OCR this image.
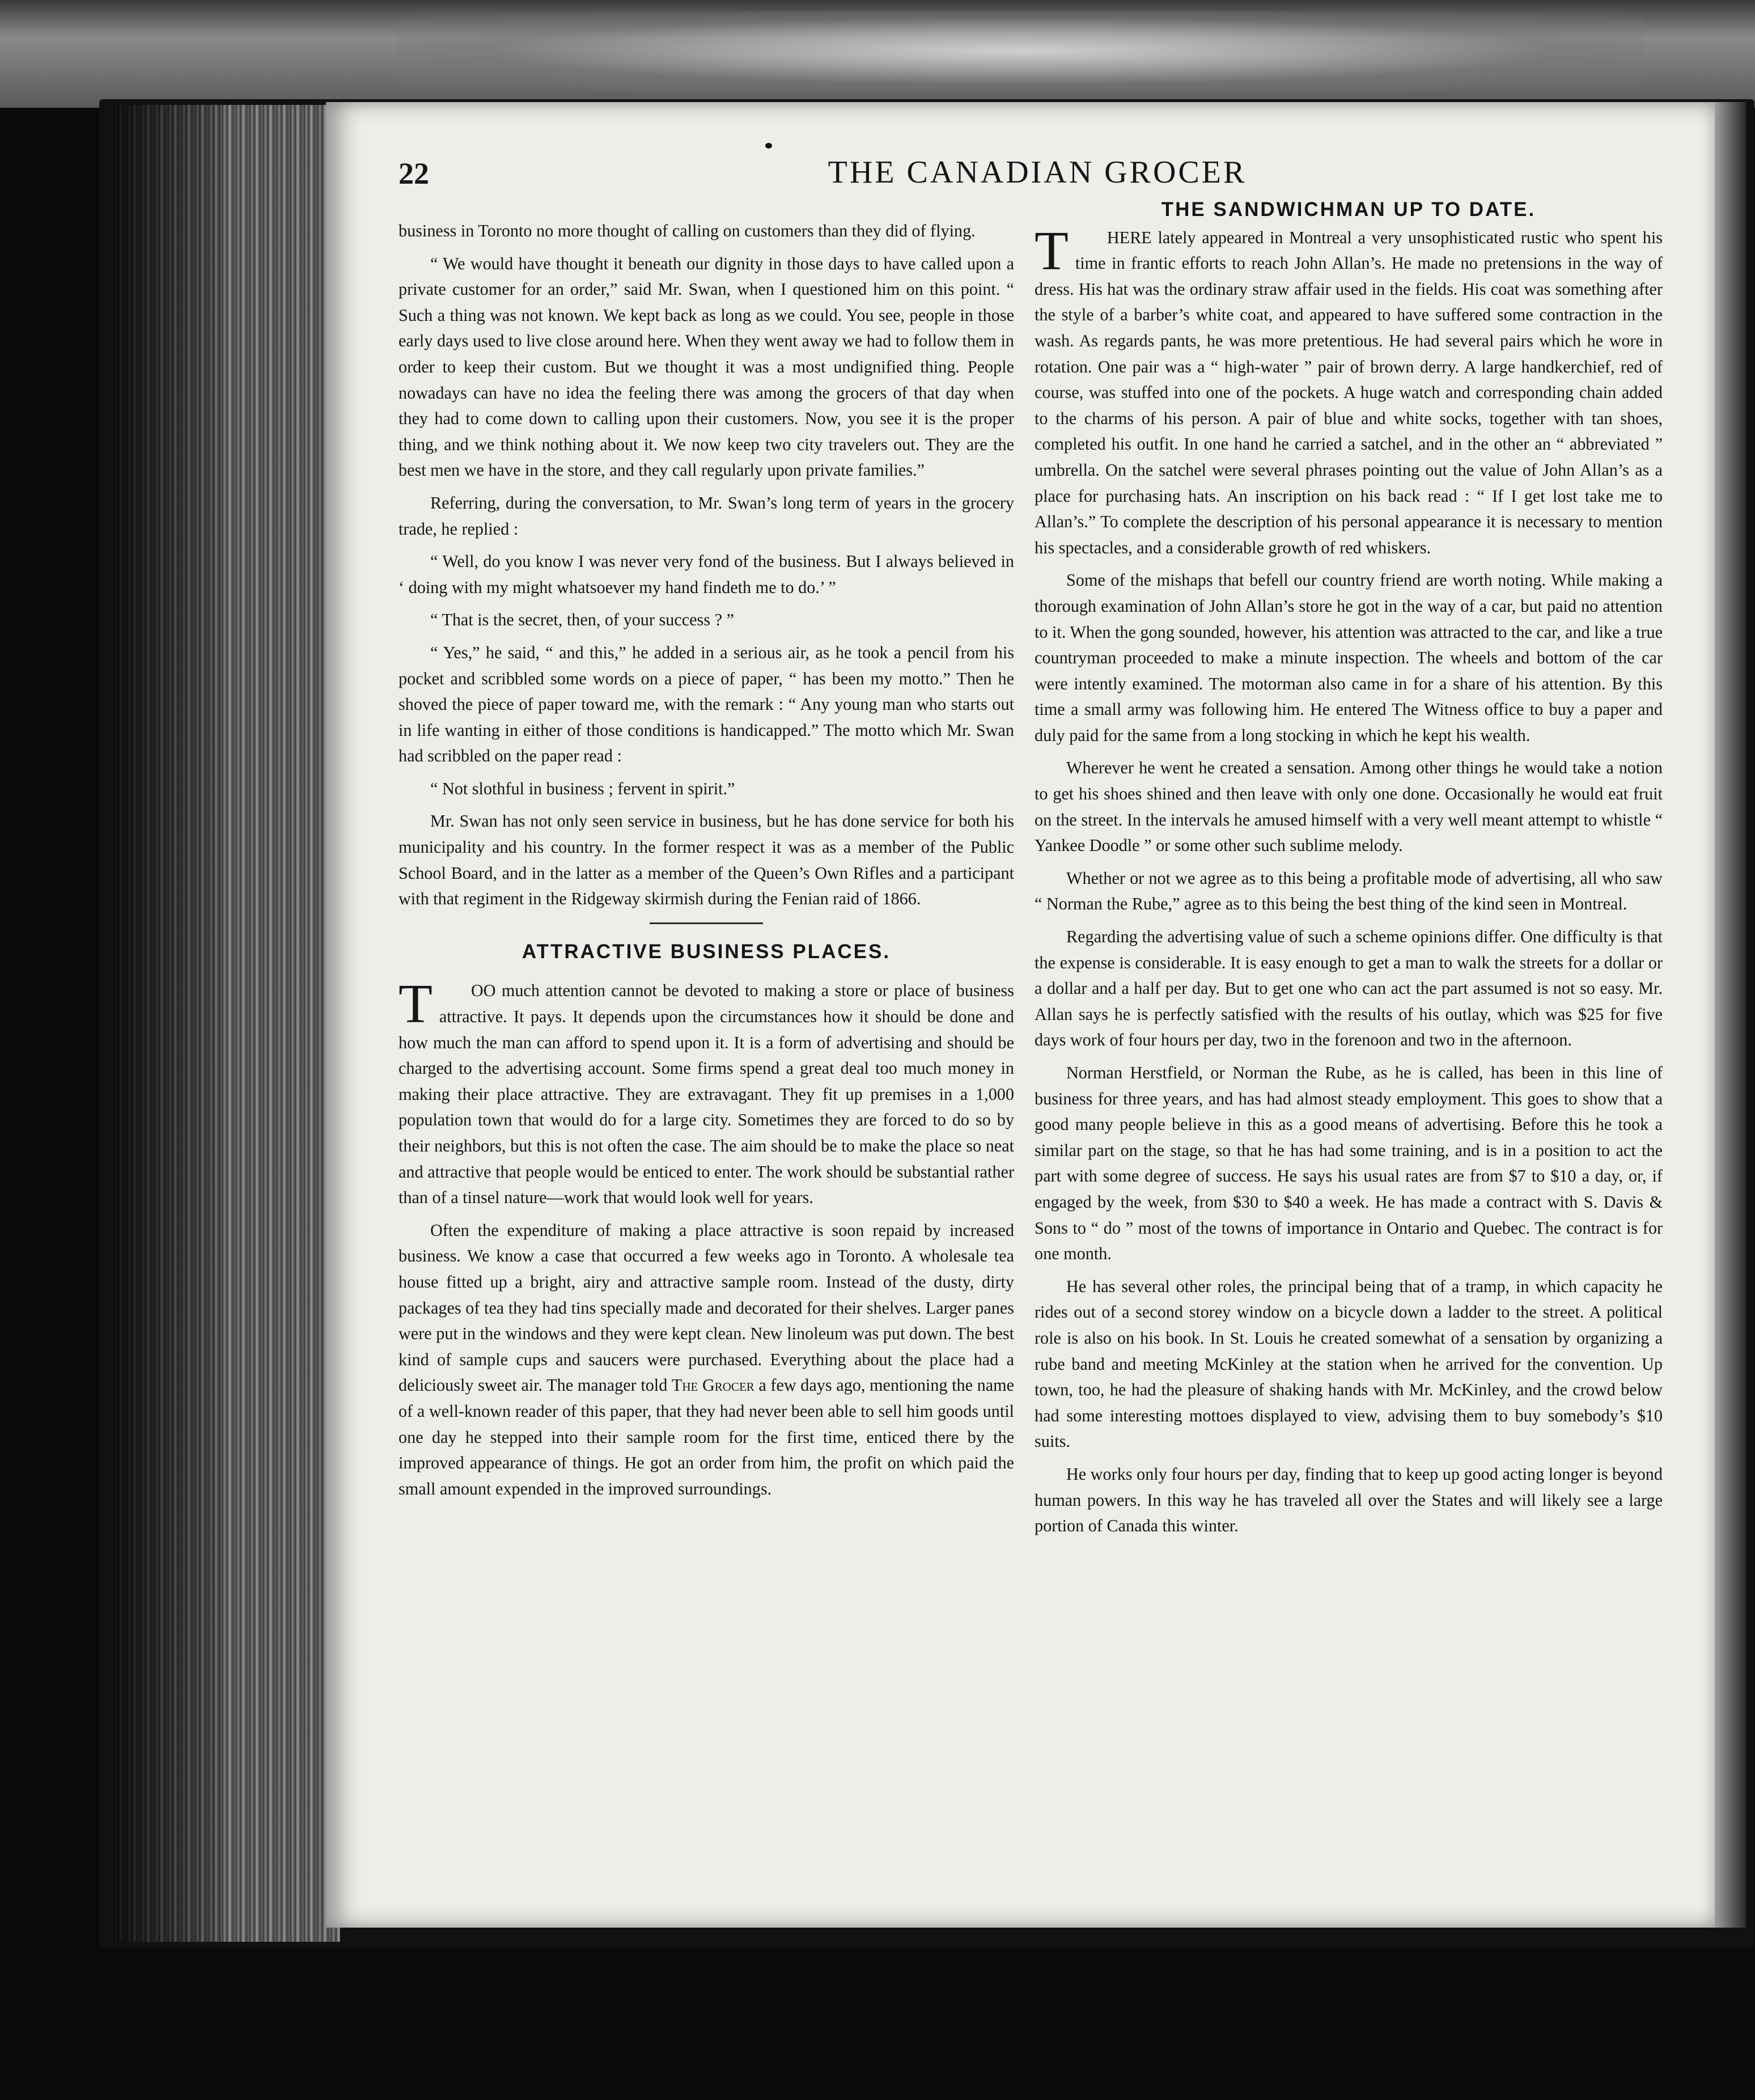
22	THE CANADIAN GROCER

business in Toronto no more thought of calling on customers than they did of flying.

“ We would have thought it beneath our dignity in those days to have called upon a private customer for an order,” said Mr. Swan, when I questioned him on this point. “ Such a thing was not known. We kept back as long as we could. You see, people in those early days used to live close around here. When they went away we had to follow them in order to keep their custom. But we thought it was a most undignified thing. People nowadays can have no idea the feeling there was among the grocers of that day when they had to come down to calling upon their customers. Now, you see it is the proper thing, and we think nothing about it. We now keep two city travelers out. They are the best men we have in the store, and they call regularly upon private families.”

Referring, during the conversation, to Mr. Swan’s long term of years in the grocery trade, he replied :

“ Well, do you know I was never very fond of the business. But I always believed in ‘ doing with my might whatsoever my hand findeth me to do.’ ”

“ That is the secret, then, of your success ? ”

“ Yes,” he said, “ and this,” he added in a serious air, as he took a pencil from his pocket and scribbled some words on a piece of paper, “ has been my motto.” Then he shoved the piece of paper toward me, with the remark : “ Any young man who starts out in life wanting in either of those conditions is handicapped.” The motto which Mr. Swan had scribbled on the paper read :

“ Not slothful in business ; fervent in spirit.”

Mr. Swan has not only seen service in business, but he has done service for both his municipality and his country. In the former respect it was as a member of the Public School Board, and in the latter as a member of the Queen’s Own Rifles and a participant with that regiment in the Ridgeway skirmish during the Fenian raid of 1866.

ATTRACTIVE BUSINESS PLACES.

T	OO much attention cannot be devoted to making a store or place of business attractive. It pays. It depends upon the circumstances how it should be done and how much the man can afford to spend upon it. It is a form of advertising and should be charged to the advertising account. Some firms spend a great deal too much money in making their place attractive. They are extravagant. They fit up premises in a 1,000 population town that would do for a large city. Sometimes they are forced to do so by their neighbors, but this is not often the case. The aim should be to make the place so neat and attractive that people would be enticed to enter. The work should be substantial rather than of a tinsel nature—work that would look well for years.

Often the expenditure of making a place attractive is soon repaid by increased business. We know a case that occurred a few weeks ago in Toronto. A wholesale tea house fitted up a bright, airy and attractive sample room. Instead of the dusty, dirty packages of tea they had tins specially made and decorated for their shelves. Larger panes were put in the windows and they were kept clean. New linoleum was put down. The best kind of sample cups and saucers were purchased. Everything about the place had a deliciously sweet air. The manager told The Grocer a few days ago, mentioning the name of a well-known reader of this paper, that they had never been able to sell him goods until one day he stepped into their sample room for the first time, enticed there by the improved appearance of things. He got an order from him, the profit on which paid the small amount expended in the improved surroundings.

THE SANDWICHMAN UP TO DATE.

T	HERE lately appeared in Montreal a very unsophisticated rustic who spent his time in frantic efforts to reach John Allan’s. He made no pretensions in the way of dress. His hat was the ordinary straw affair used in the fields. His coat was something after the style of a barber’s white coat, and appeared to have suffered some contraction in the wash. As regards pants, he was more pretentious. He had several pairs which he wore in rotation. One pair was a “ high-water ” pair of brown derry. A large handkerchief, red of course, was stuffed into one of the pockets. A huge watch and corresponding chain added to the charms of his person. A pair of blue and white socks, together with tan shoes, completed his outfit. In one hand he carried a satchel, and in the other an “ abbreviated ” umbrella. On the satchel were several phrases pointing out the value of John Allan’s as a place for purchasing hats. An inscription on his back read : “ If I get lost take me to Allan’s.” To complete the description of his personal appearance it is necessary to mention his spectacles, and a considerable growth of red whiskers.

Some of the mishaps that befell our country friend are worth noting. While making a thorough examination of John Allan’s store he got in the way of a car, but paid no attention to it. When the gong sounded, however, his attention was attracted to the car, and like a true countryman proceeded to make a minute inspection. The wheels and bottom of the car were intently examined. The motorman also came in for a share of his attention. By this time a small army was following him. He entered The Witness office to buy a paper and duly paid for the same from a long stocking in which he kept his wealth.

Wherever he went he created a sensation. Among other things he would take a notion to get his shoes shined and then leave with only one done. Occasionally he would eat fruit on the street. In the intervals he amused himself with a very well meant attempt to whistle “ Yankee Doodle ” or some other such sublime melody.

Whether or not we agree as to this being a profitable mode of advertising, all who saw “ Norman the Rube,” agree as to this being the best thing of the kind seen in Montreal.

Regarding the advertising value of such a scheme opinions differ. One difficulty is that the expense is considerable. It is easy enough to get a man to walk the streets for a dollar or a dollar and a half per day. But to get one who can act the part assumed is not so easy. Mr. Allan says he is perfectly satisfied with the results of his outlay, which was $25 for five days work of four hours per day, two in the forenoon and two in the afternoon.

Norman Herstfield, or Norman the Rube, as he is called, has been in this line of business for three years, and has had almost steady employment. This goes to show that a good many people believe in this as a good means of advertising. Before this he took a similar part on the stage, so that he has had some training, and is in a position to act the part with some degree of success. He says his usual rates are from $7 to $10 a day, or, if engaged by the week, from $30 to $40 a week. He has made a contract with S. Davis & Sons to “ do ” most of the towns of importance in Ontario and Quebec. The contract is for one month.

He has several other roles, the principal being that of a tramp, in which capacity he rides out of a second storey window on a bicycle down a ladder to the street. A political role is also on his book. In St. Louis he created somewhat of a sensation by organizing a rube band and meeting McKinley at the station when he arrived for the convention. Up town, too, he had the pleasure of shaking hands with Mr. McKinley, and the crowd below had some interesting mottoes displayed to view, advising them to buy somebody’s $10 suits.

He works only four hours per day, finding that to keep up good acting longer is beyond human powers. In this way he has traveled all over the States and will likely see a large portion of Canada this winter.
